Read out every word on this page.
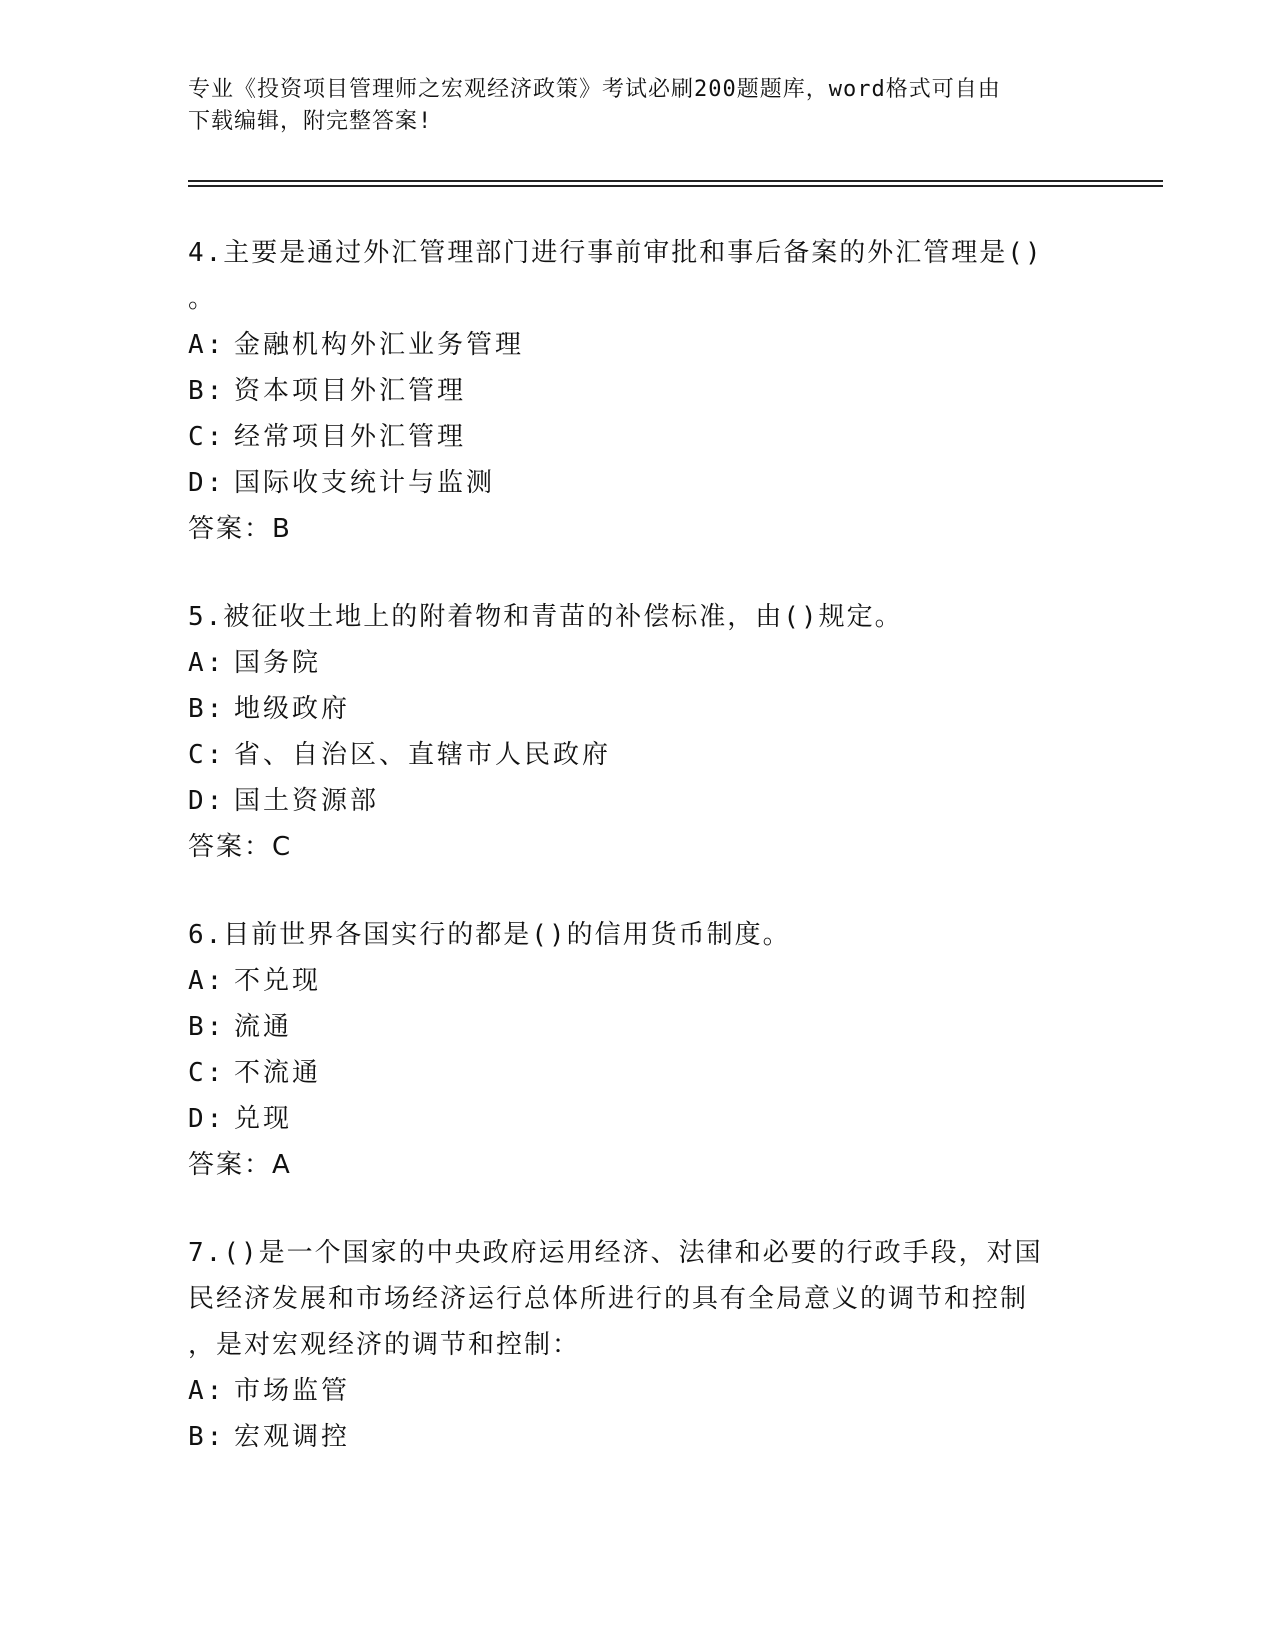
专业《投资项目管理师之宏观经济政策》考试必刷200题题库，word格式可自由
下载编辑，附完整答案!
4.主要是通过外汇管理部门进行事前审批和事后备案的外汇管理是()
。
A: 金融机构外汇业务管理
B: 资本项目外汇管理
C: 经常项目外汇管理
D: 国际收支统计与监测
答案：B
5.被征收土地上的附着物和青苗的补偿标准，由()规定。
A: 国务院
B: 地级政府
C: 省、自治区、直辖市人民政府
D: 国土资源部
答案：C
6.目前世界各国实行的都是()的信用货币制度。
A: 不兑现
B: 流通
C: 不流通
D: 兑现
答案：A
7.()是一个国家的中央政府运用经济、法律和必要的行政手段，对国
民经济发展和市场经济运行总体所进行的具有全局意义的调节和控制
，是对宏观经济的调节和控制：
A: 市场监管
B: 宏观调控
